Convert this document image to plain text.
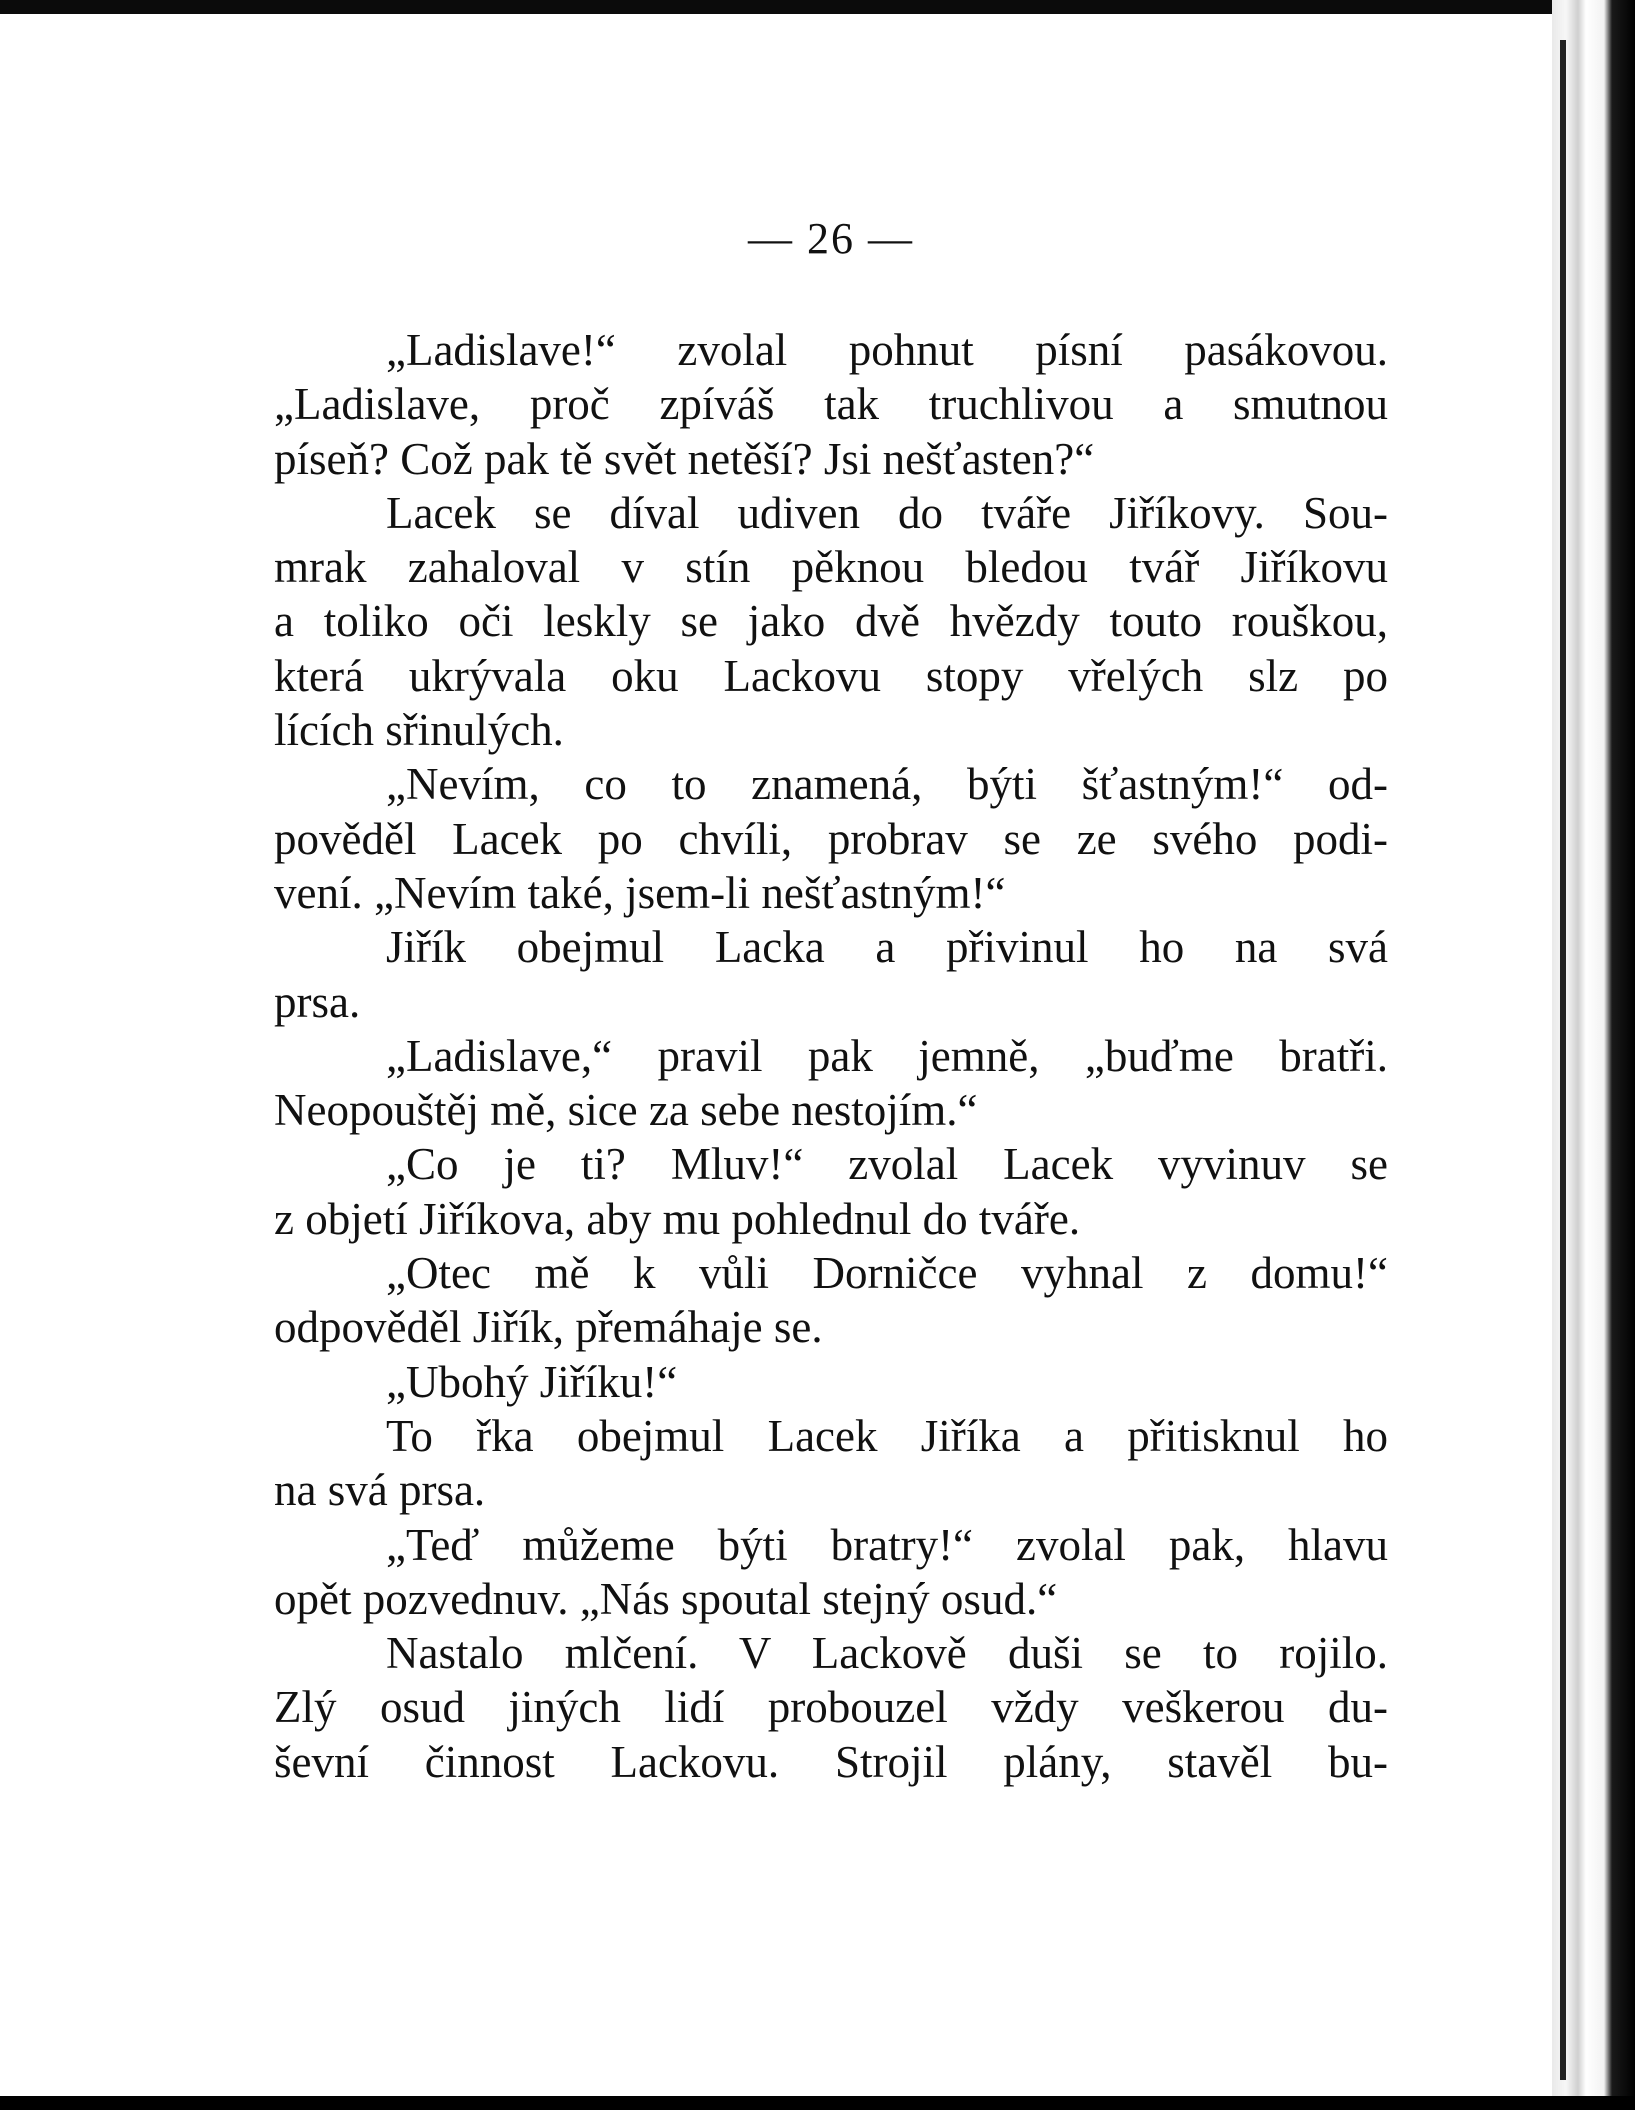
— 26 —
„Ladislave!“ zvolal pohnut písní pasákovou.
„Ladislave, proč zpíváš tak truchlivou a smutnou
píseň? Což pak tě svět netěší? Jsi nešťasten?“
Lacek se díval udiven do tváře Jiříkovy. Sou-
mrak zahaloval v stín pěknou bledou tvář Jiříkovu
a toliko oči leskly se jako dvě hvězdy touto rouškou,
která ukrývala oku Lackovu stopy vřelých slz po
lících sřinulých.
„Nevím, co to znamená, býti šťastným!“ od-
pověděl Lacek po chvíli, probrav se ze svého podi-
vení. „Nevím také, jsem-li nešťastným!“
Jiřík obejmul Lacka a přivinul ho na svá
prsa.
„Ladislave,“ pravil pak jemně, „buďme bratři.
Neopouštěj mě, sice za sebe nestojím.“
„Co je ti? Mluv!“ zvolal Lacek vyvinuv se
z objetí Jiříkova, aby mu pohlednul do tváře.
„Otec mě k vůli Dorničce vyhnal z domu!“
odpověděl Jiřík, přemáhaje se.
„Ubohý Jiříku!“
To řka obejmul Lacek Jiříka a přitisknul ho
na svá prsa.
„Teď můžeme býti bratry!“ zvolal pak, hlavu
opět pozvednuv. „Nás spoutal stejný osud.“
Nastalo mlčení. V Lackově duši se to rojilo.
Zlý osud jiných lidí probouzel vždy veškerou du-
ševní činnost Lackovu. Strojil plány, stavěl bu-
